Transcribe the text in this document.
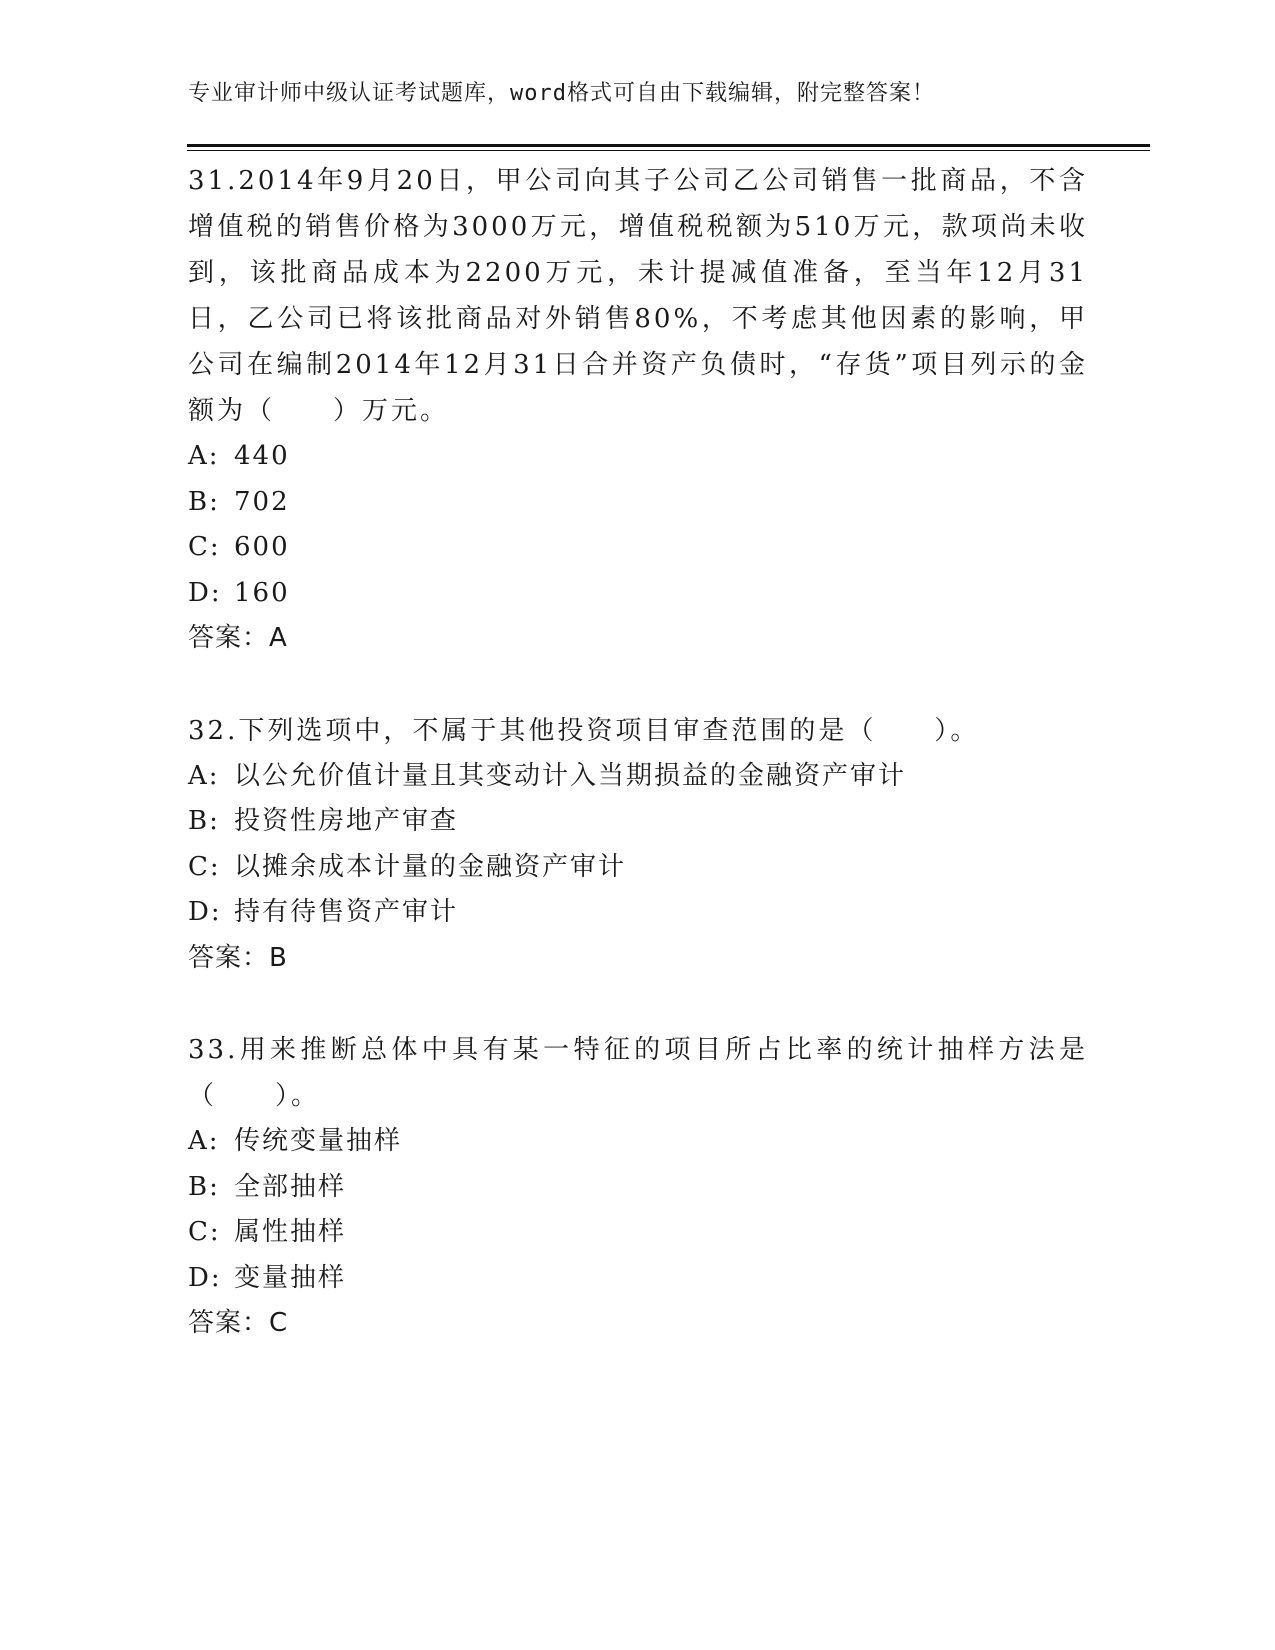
专业审计师中级认证考试题库，word格式可自由下载编辑，附完整答案！
31.2014年9月20日，甲公司向其子公司乙公司销售一批商品，不含增值税的销售价格为3000万元，增值税税额为510万元，款项尚未收到，该批商品成本为2200万元，未计提减值准备，至当年12月31日，乙公司已将该批商品对外销售80%，不考虑其他因素的影响，甲公司在编制2014年12月31日合并资产负债时，“存货”项目列示的金额为（　　）万元。
A: 440
B: 702
C: 600
D: 160
答案：A
32.下列选项中，不属于其他投资项目审查范围的是（　　）。
A: 以公允价值计量且其变动计入当期损益的金融资产审计
B: 投资性房地产审查
C: 以摊余成本计量的金融资产审计
D: 持有待售资产审计
答案：B
33.用来推断总体中具有某一特征的项目所占比率的统计抽样方法是（　　）。
A: 传统变量抽样
B: 全部抽样
C: 属性抽样
D: 变量抽样
答案：C
